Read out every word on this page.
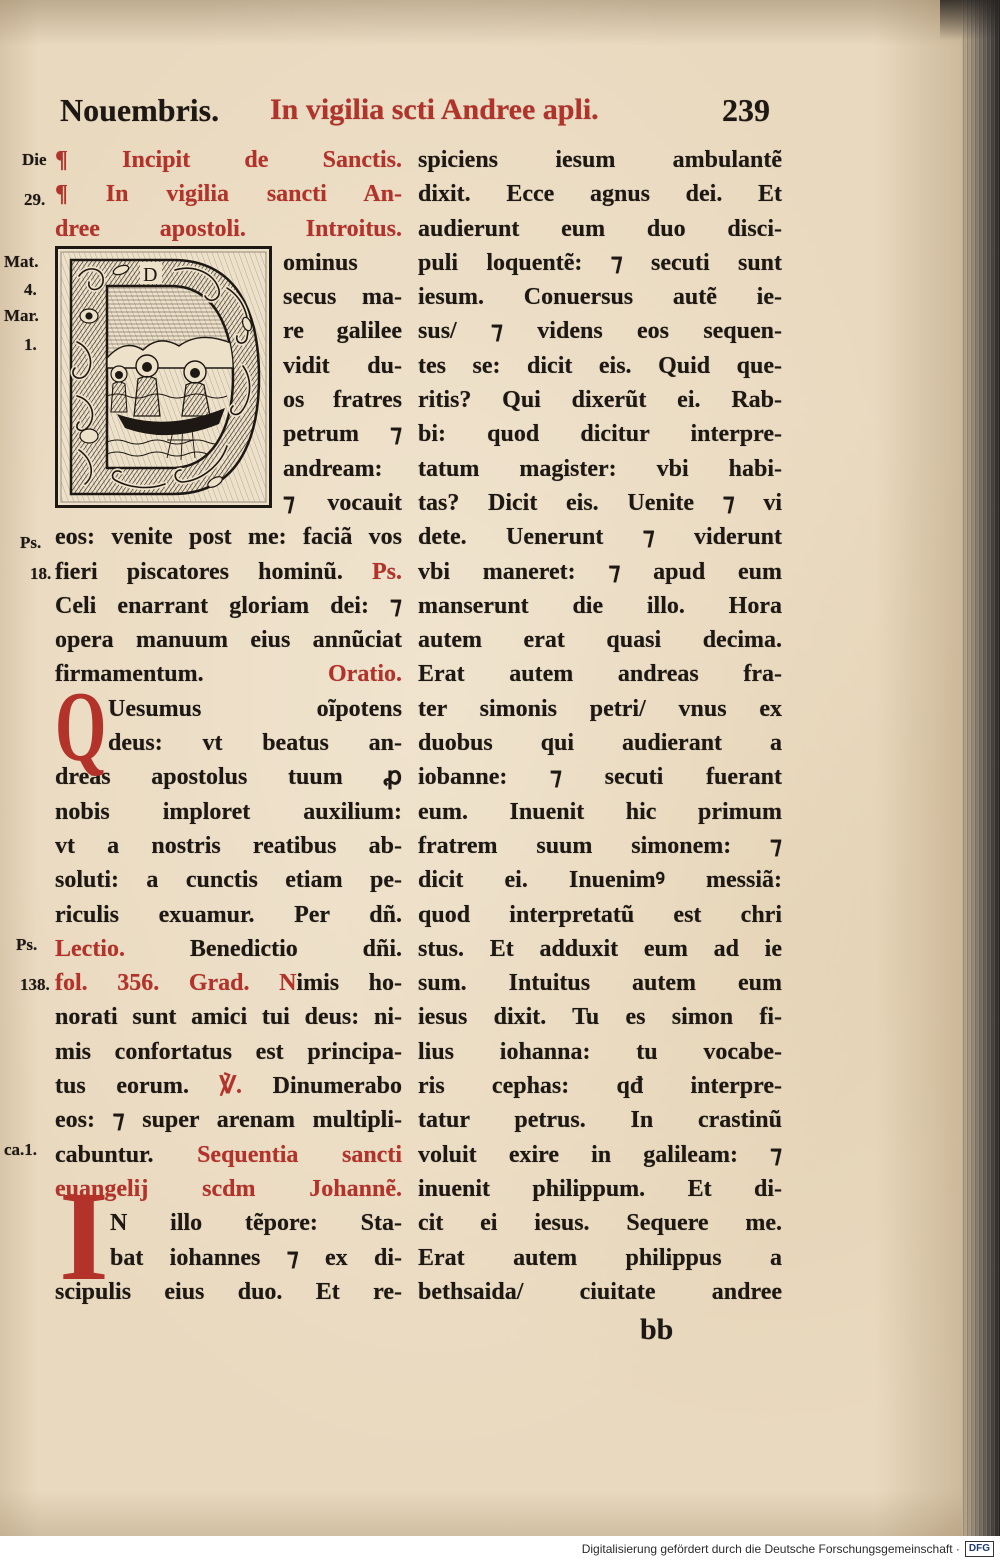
Nouembris. In vigilia scti Andree apli.	239
Die
29.
Mat.
4.
Mar.
1.
Ps.
18.
Ps.
138.
ca.1.
¶ Incipit de Sanctis.
¶ In vigilia sancti An-
dree apostoli. Introitus.
D	ominus
secus ma-
re galilee
vidit du-
os fratres
petrum ⁊
andream:
⁊ vocauit
eos: venite post me: faciã vos
fieri piscatores hominũ. Ps.
Celi enarrant gloriam dei: ⁊
opera manuum eius annũciat
firmamentum. Oratio.
Q Uesumus oĩpotens
deus: vt beatus an-
dreas apostolus tuum ꝓ
nobis imploret auxilium:
vt a nostris reatibus ab-
soluti: a cunctis etiam pe-
riculis exuamur. Per dñ.
Lectio. Benedictio dñi.
fol. 356. Grad. Nimis ho-
norati sunt amici tui deus: ni-
mis confortatus est principa-
tus eorum. ℣. Dinumerabo
eos: ⁊ super arenam multipli-
cabuntur. Sequentia sancti
euangelij scdm Johannẽ.
I N illo tẽpore: Sta-
bat iohannes ⁊ ex di-
scipulis eius duo. Et re-
spiciens iesum ambulantẽ
dixit. Ecce agnus dei. Et
audierunt eum duo disci-
puli loquentẽ: ⁊ secuti sunt
iesum. Conuersus autẽ ie-
sus/ ⁊ videns eos sequen-
tes se: dicit eis. Quid que-
ritis? Qui dixerũt ei. Rab-
bi: quod dicitur interpre-
tatum magister: vbi habi-
tas? Dicit eis. Uenite ⁊ vi
dete. Uenerunt ⁊ viderunt
vbi maneret: ⁊ apud eum
manserunt die illo. Hora
autem erat quasi decima.
Erat autem andreas fra-
ter simonis petri/ vnus ex
duobus qui audierant a
iobanne: ⁊ secuti fuerant
eum. Inuenit hic primum
fratrem suum simonem: ⁊
dicit ei. Inuenimꝰ messiã:
quod interpretatũ est chri
stus. Et adduxit eum ad ie
sum. Intuitus autem eum
iesus dixit. Tu es simon fi-
lius iohanna: tu vocabe-
ris cephas: qđ interpre-
tatur petrus. In crastinũ
voluit exire in galileam: ⁊
inuenit philippum. Et di-
cit ei iesus. Sequere me.
Erat autem philippus a
bethsaida/ ciuitate andree
bb
Digitalisierung gefördert durch die Deutsche Forschungsgemeinschaft · DFG
